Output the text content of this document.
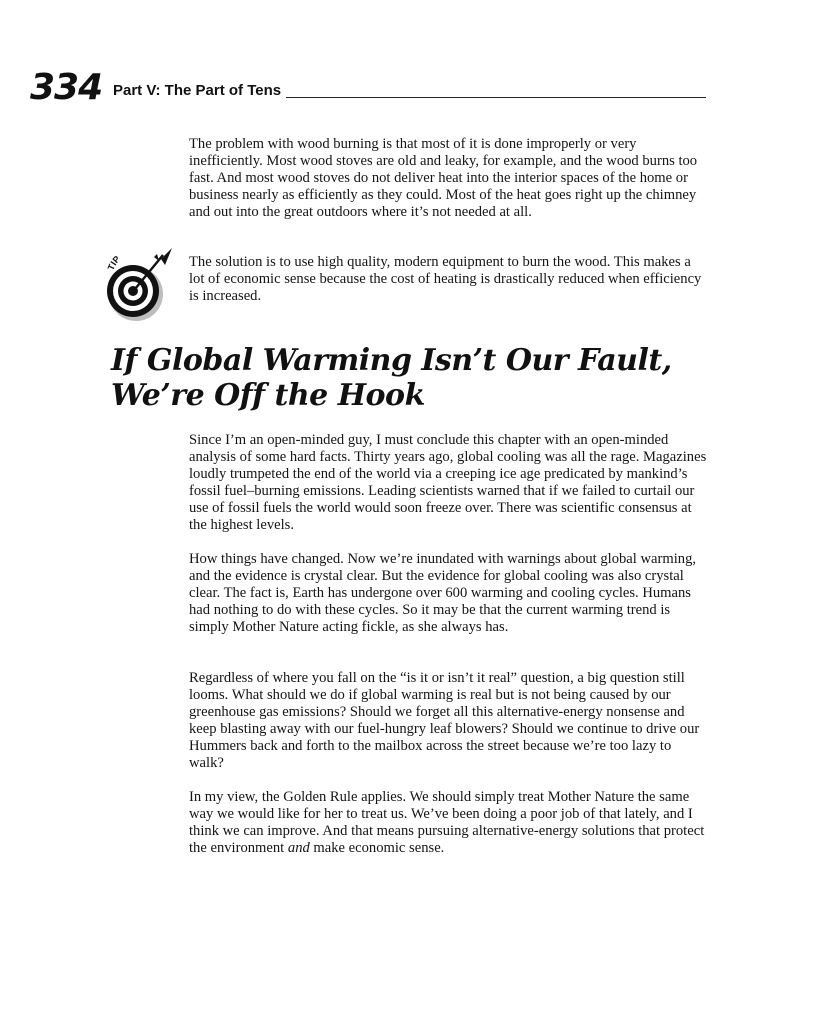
334 Part V: The Part of Tens

The problem with wood burning is that most of it is done improperly or very inefficiently. Most wood stoves are old and leaky, for example, and the wood burns too fast. And most wood stoves do not deliver heat into the interior spaces of the home or business nearly as efficiently as they could. Most of the heat goes right up the chimney and out into the great outdoors where it’s not needed at all.

TIP	The solution is to use high quality, modern equipment to burn the wood. This makes a lot of economic sense because the cost of heating is drastically reduced when efficiency is increased.

If Global Warming Isn’t Our Fault,
We’re Off the Hook

Since I’m an open-minded guy, I must conclude this chapter with an open-minded analysis of some hard facts. Thirty years ago, global cooling was all the rage. Magazines loudly trumpeted the end of the world via a creeping ice age predicated by mankind’s fossil fuel–burning emissions. Leading scientists warned that if we failed to curtail our use of fossil fuels the world would soon freeze over. There was scientific consensus at the highest levels.

How things have changed. Now we’re inundated with warnings about global warming, and the evidence is crystal clear. But the evidence for global cooling was also crystal clear. The fact is, Earth has undergone over 600 warming and cooling cycles. Humans had nothing to do with these cycles. So it may be that the current warming trend is simply Mother Nature acting fickle, as she always has.

Regardless of where you fall on the “is it or isn’t it real” question, a big question still looms. What should we do if global warming is real but is not being caused by our greenhouse gas emissions? Should we forget all this alternative-energy nonsense and keep blasting away with our fuel-hungry leaf blowers? Should we continue to drive our Hummers back and forth to the mailbox across the street because we’re too lazy to walk?

In my view, the Golden Rule applies. We should simply treat Mother Nature the same way we would like for her to treat us. We’ve been doing a poor job of that lately, and I think we can improve. And that means pursuing alternative-energy solutions that protect the environment and make economic sense.
